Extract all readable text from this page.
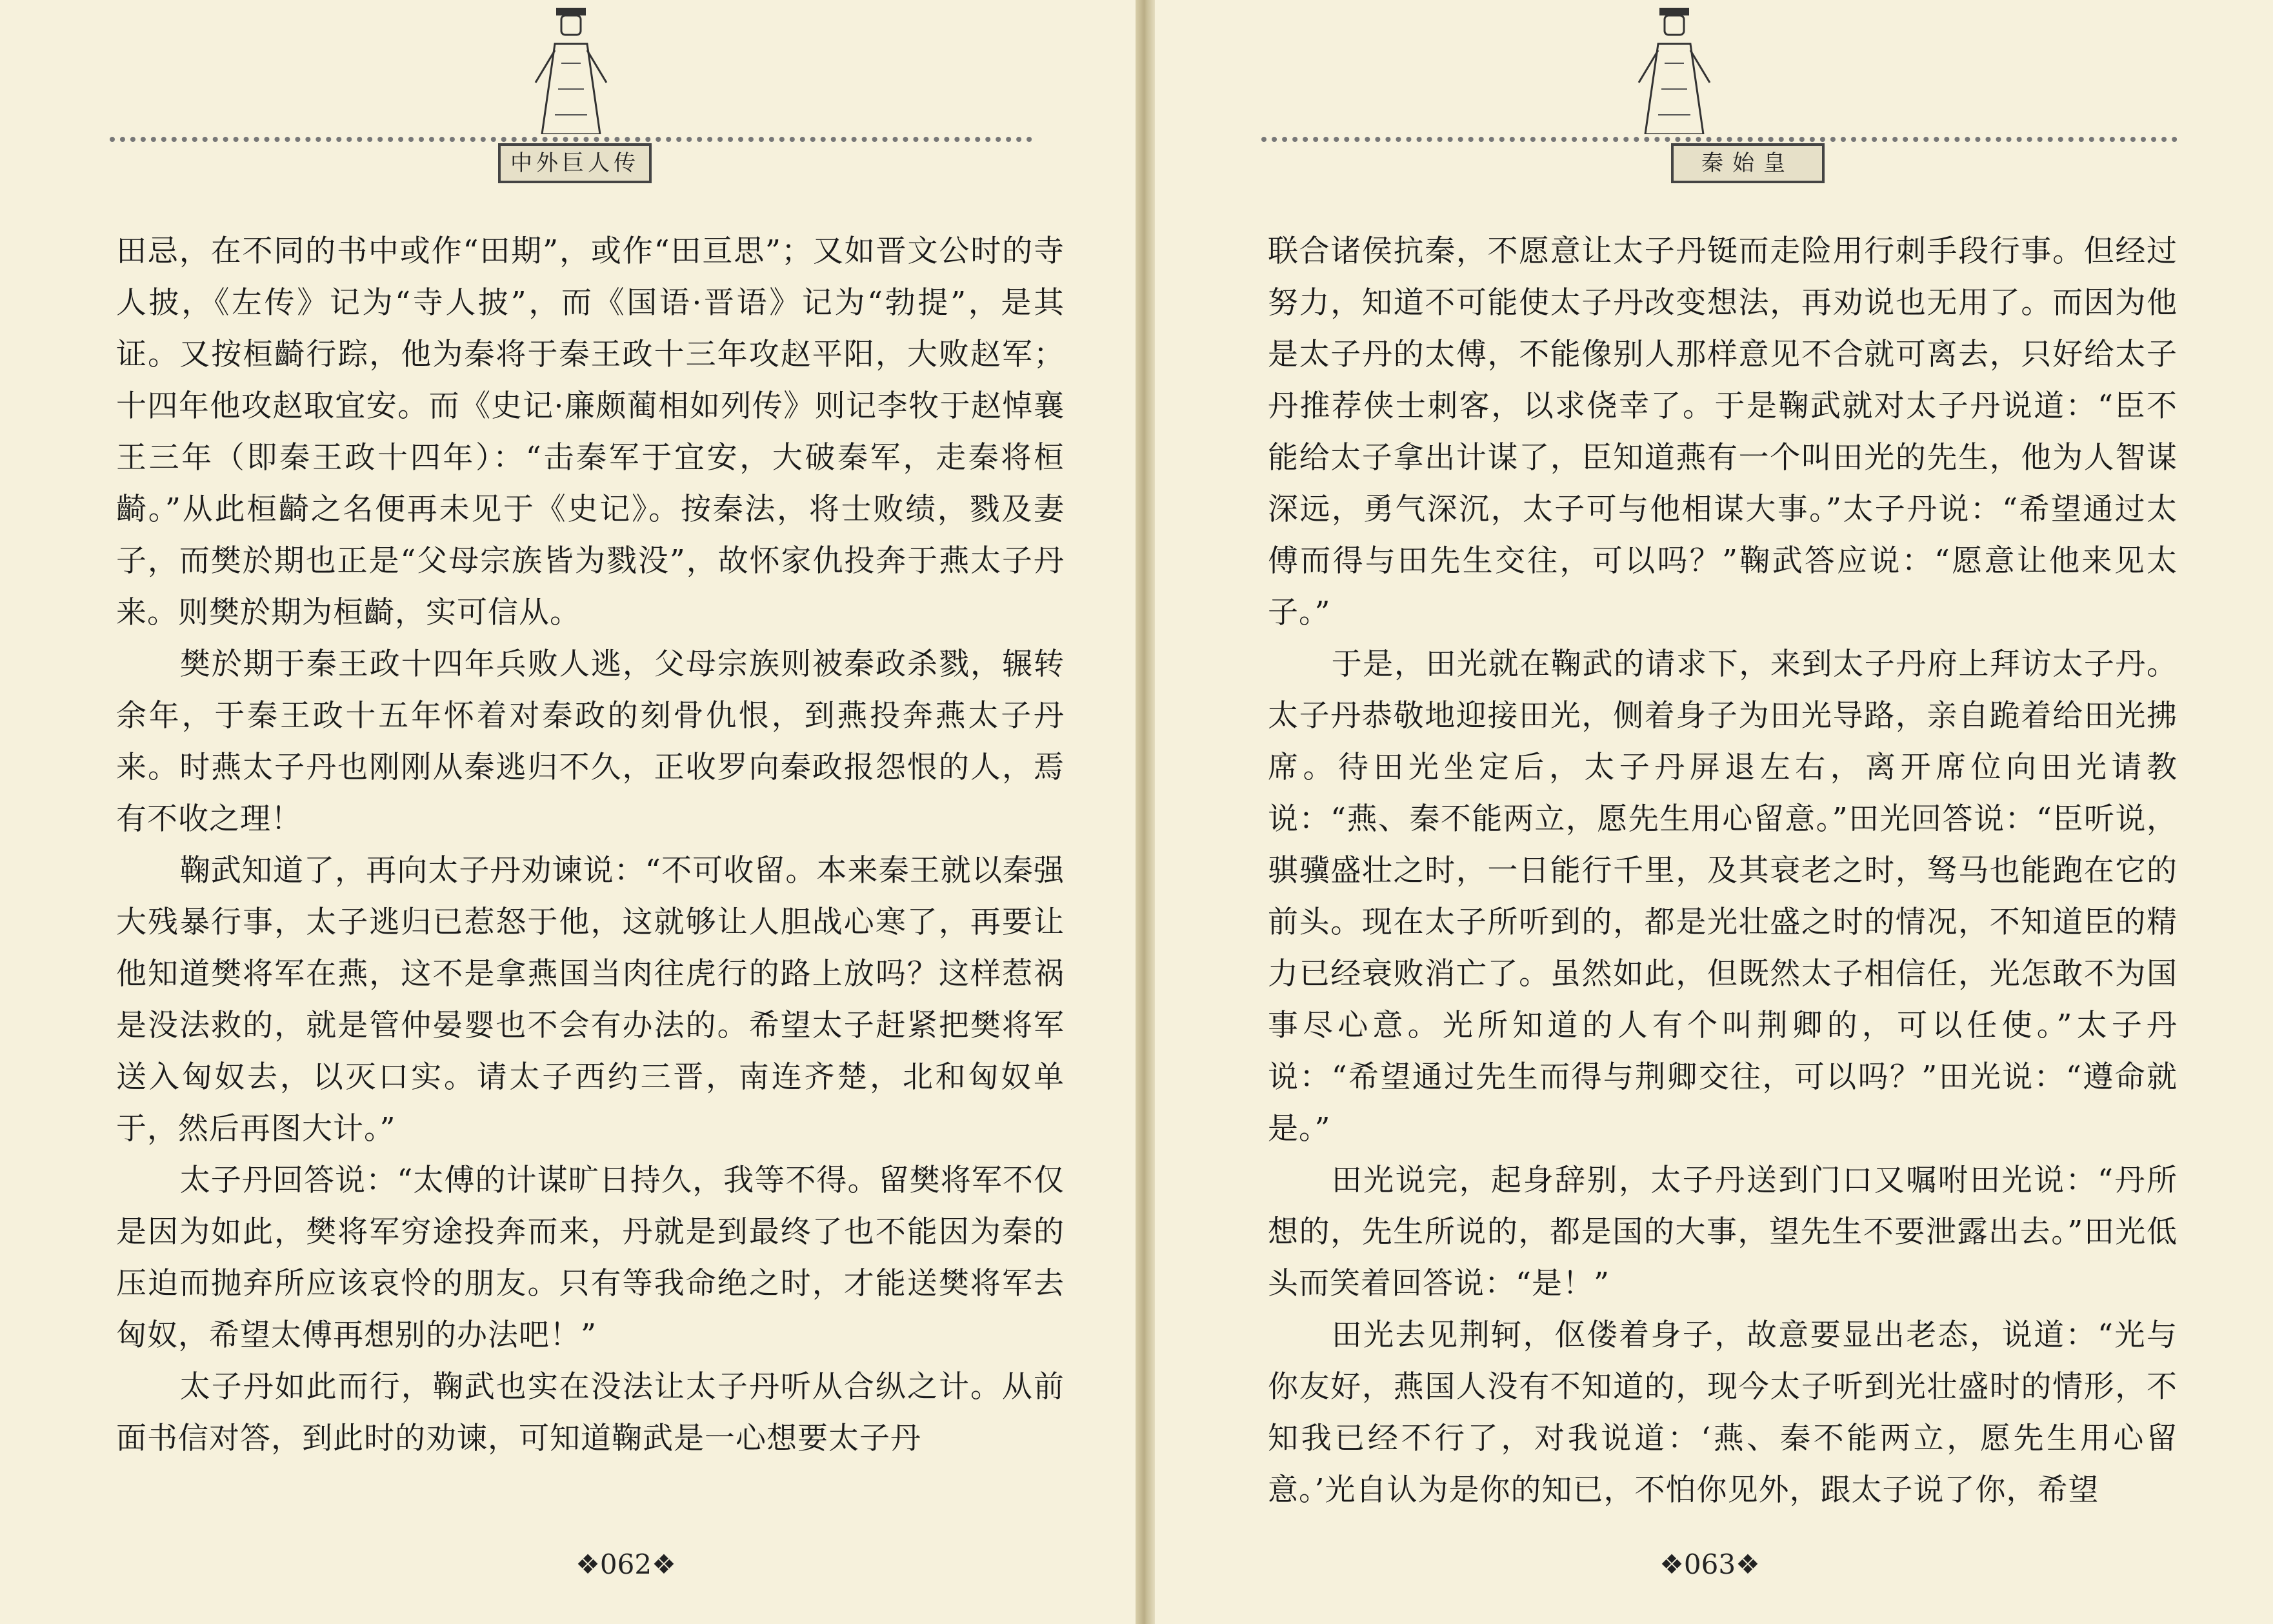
中外巨人传

田忌，在不同的书中或作“田期”，或作“田亘思”；又如晋文公时的寺人披，《左传》记为“寺人披”，而《国语·晋语》记为“勃提”，是其证。又按桓齮行踪，他为秦将于秦王政十三年攻赵平阳，大败赵军；十四年他攻赵取宜安。而《史记·廉颇蔺相如列传》则记李牧于赵悼襄王三年（即秦王政十四年）：“击秦军于宜安，大破秦军，走秦将桓齮。”从此桓齮之名便再未见于《史记》。按秦法，将士败绩，戮及妻子，而樊於期也正是“父母宗族皆为戮没”，故怀家仇投奔于燕太子丹来。则樊於期为桓齮，实可信从。

樊於期于秦王政十四年兵败人逃，父母宗族则被秦政杀戮，辗转余年，于秦王政十五年怀着对秦政的刻骨仇恨，到燕投奔燕太子丹来。时燕太子丹也刚刚从秦逃归不久，正收罗向秦政报怨恨的人，焉有不收之理！

鞠武知道了，再向太子丹劝谏说：“不可收留。本来秦王就以秦强大残暴行事，太子逃归已惹怒于他，这就够让人胆战心寒了，再要让他知道樊将军在燕，这不是拿燕国当肉往虎行的路上放吗？这样惹祸是没法救的，就是管仲晏婴也不会有办法的。希望太子赶紧把樊将军送入匈奴去，以灭口实。请太子西约三晋，南连齐楚，北和匈奴单于，然后再图大计。”

太子丹回答说：“太傅的计谋旷日持久，我等不得。留樊将军不仅是因为如此，樊将军穷途投奔而来，丹就是到最终了也不能因为秦的压迫而抛弃所应该哀怜的朋友。只有等我命绝之时，才能送樊将军去匈奴，希望太傅再想别的办法吧！”

太子丹如此而行，鞠武也实在没法让太子丹听从合纵之计。从前面书信对答，到此时的劝谏，可知道鞠武是一心想要太子丹

❖062❖
秦始皇

联合诸侯抗秦，不愿意让太子丹铤而走险用行刺手段行事。但经过努力，知道不可能使太子丹改变想法，再劝说也无用了。而因为他是太子丹的太傅，不能像别人那样意见不合就可离去，只好给太子丹推荐侠士刺客，以求侥幸了。于是鞠武就对太子丹说道：“臣不能给太子拿出计谋了，臣知道燕有一个叫田光的先生，他为人智谋深远，勇气深沉，太子可与他相谋大事。”太子丹说：“希望通过太傅而得与田先生交往，可以吗？”鞠武答应说：“愿意让他来见太子。”

于是，田光就在鞠武的请求下，来到太子丹府上拜访太子丹。太子丹恭敬地迎接田光，侧着身子为田光导路，亲自跪着给田光拂席。待田光坐定后，太子丹屏退左右，离开席位向田光请教说：“燕、秦不能两立，愿先生用心留意。”田光回答说：“臣听说，骐骥盛壮之时，一日能行千里，及其衰老之时，驽马也能跑在它的前头。现在太子所听到的，都是光壮盛之时的情况，不知道臣的精力已经衰败消亡了。虽然如此，但既然太子相信任，光怎敢不为国事尽心意。光所知道的人有个叫荆卿的，可以任使。”太子丹说：“希望通过先生而得与荆卿交往，可以吗？”田光说：“遵命就是。”

田光说完，起身辞别，太子丹送到门口又嘱咐田光说：“丹所想的，先生所说的，都是国的大事，望先生不要泄露出去。”田光低头而笑着回答说：“是！”

田光去见荆轲，伛偻着身子，故意要显出老态，说道：“光与你友好，燕国人没有不知道的，现今太子听到光壮盛时的情形，不知我已经不行了，对我说道：‘燕、秦不能两立，愿先生用心留意。’光自认为是你的知已，不怕你见外，跟太子说了你，希望

❖063❖
